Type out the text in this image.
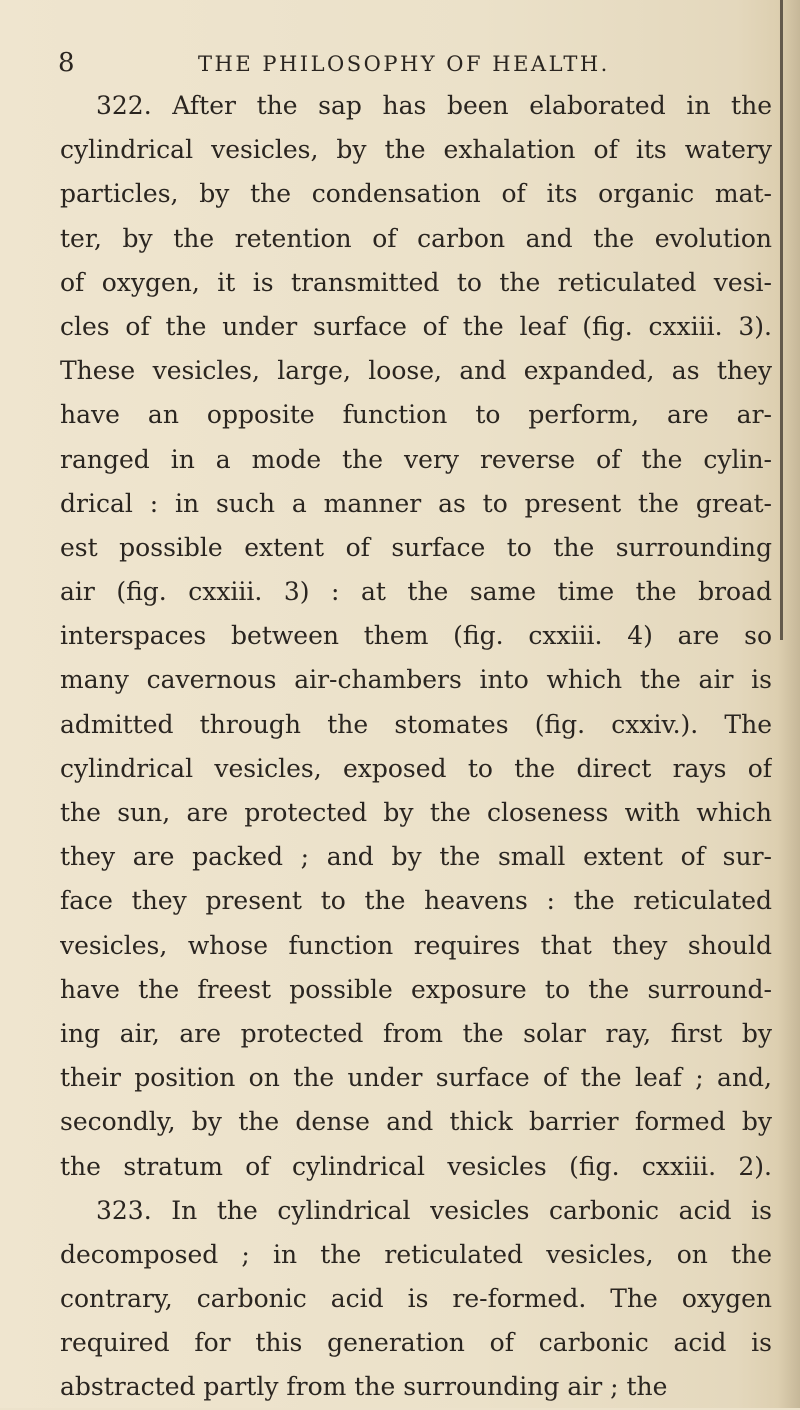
8	THE PHILOSOPHY OF HEALTH.
322. After the sap has been elaborated in the
cylindrical vesicles, by the exhalation of its watery
particles, by the condensation of its organic mat-
ter, by the retention of carbon and the evolution
of oxygen, it is transmitted to the reticulated vesi-
cles of the under surface of the leaf (fig. cxxiii. 3).
These vesicles, large, loose, and expanded, as they
have an opposite function to perform, are ar-
ranged in a mode the very reverse of the cylin-
drical : in such a manner as to present the great-
est possible extent of surface to the surrounding
air (fig. cxxiii. 3) : at the same time the broad
interspaces between them (fig. cxxiii. 4) are so
many cavernous air-chambers into which the air is
admitted through the stomates (fig. cxxiv.). The
cylindrical vesicles, exposed to the direct rays of
the sun, are protected by the closeness with which
they are packed ; and by the small extent of sur-
face they present to the heavens : the reticulated
vesicles, whose function requires that they should
have the freest possible exposure to the surround-
ing air, are protected from the solar ray, first by
their position on the under surface of the leaf ; and,
secondly, by the dense and thick barrier formed by
the stratum of cylindrical vesicles (fig. cxxiii. 2).
323. In the cylindrical vesicles carbonic acid is
decomposed ; in the reticulated vesicles, on the
contrary, carbonic acid is re-formed. The oxygen
required for this generation of carbonic acid is
abstracted partly from the surrounding air ; the
